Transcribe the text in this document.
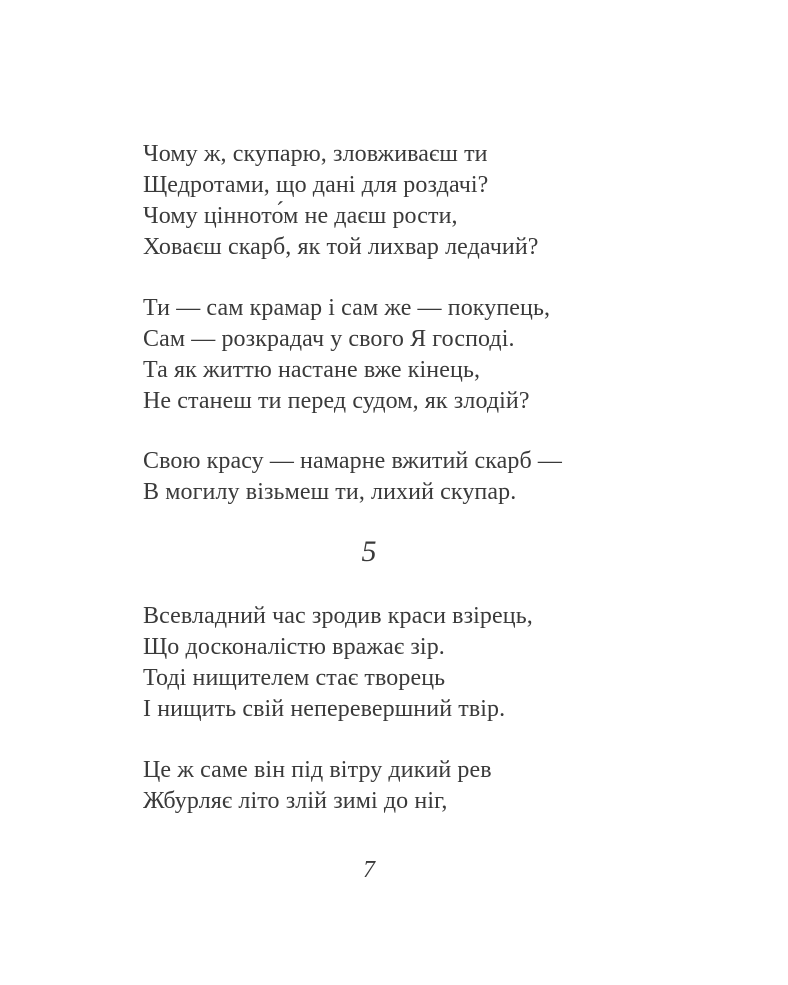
Чому ж, скупарю, зловживаєш ти
Щедротами, що дані для роздачі?
Чому цінното́м не даєш рости,
Ховаєш скарб, як той лихвар ледачий?
Ти — сам крамар і сам же — покупець,
Сам — розкрадач у свого Я господі.
Та як життю настане вже кінець,
Не станеш ти перед судом, як злодій?
Свою красу — намарне вжитий скарб —
В могилу візьмеш ти, лихий скупар.
5
Всевладний час зродив краси взірець,
Що досконалістю вражає зір.
Тоді нищителем стає творець
І нищить свій неперевершний твір.
Це ж саме він під вітру дикий рев
Жбурляє літо злій зимі до ніг,
7
